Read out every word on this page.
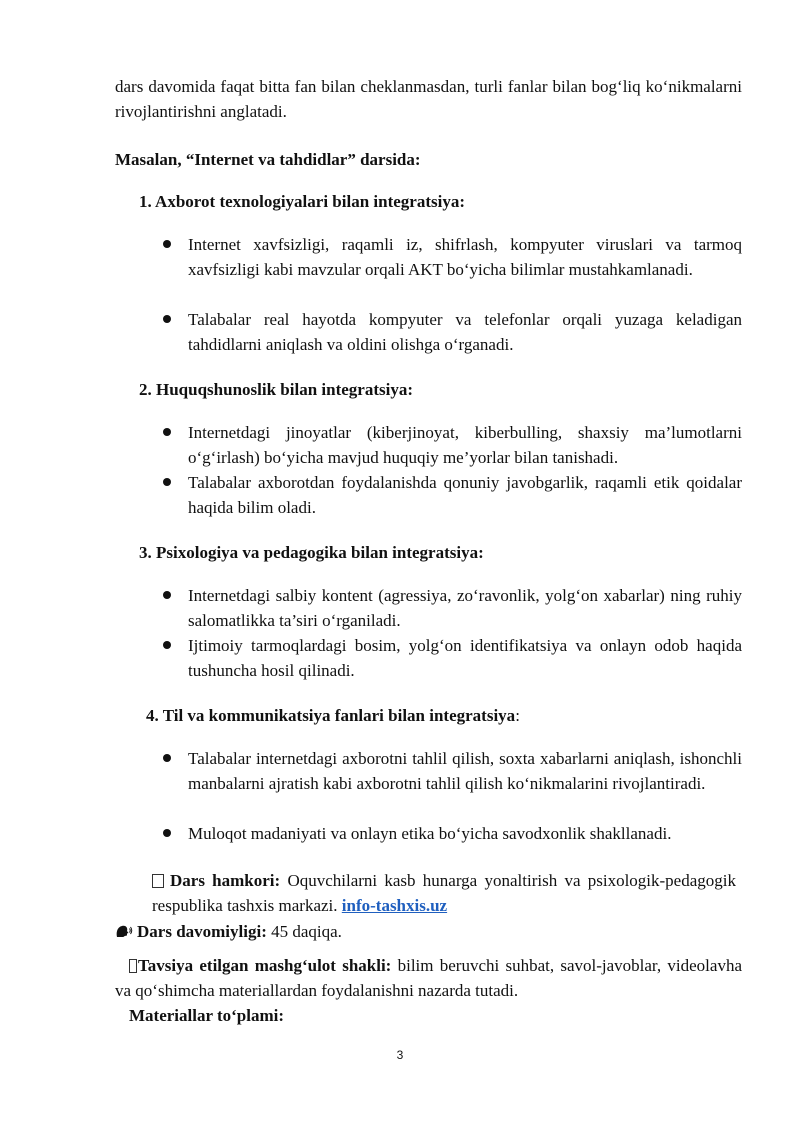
dars davomida faqat bitta fan bilan cheklanmasdan, turli fanlar bilan bog‘liq ko‘nikmalarni rivojlantirishni anglatadi.
Masalan, “Internet va tahdidlar” darsida:
1. Axborot texnologiyalari bilan integratsiya:
Internet xavfsizligi, raqamli iz, shifrlash, kompyuter viruslari va tarmoq xavfsizligi kabi mavzular orqali AKT bo‘yicha bilimlar mustahkamlanadi.
Talabalar real hayotda kompyuter va telefonlar orqali yuzaga keladigan tahdidlarni aniqlash va oldini olishga o‘rganadi.
2. Huquqshunoslik bilan integratsiya:
Internetdagi jinoyatlar (kiberjinoyat, kiberbulling, shaxsiy ma’lumotlarni o‘g‘irlash) bo‘yicha mavjud huquqiy me’yorlar bilan tanishadi.
Talabalar axborotdan foydalanishda qonuniy javobgarlik, raqamli etik qoidalar haqida bilim oladi.
3. Psixologiya va pedagogika bilan integratsiya:
Internetdagi salbiy kontent (agressiya, zo‘ravonlik, yolg‘on xabarlar) ning ruhiy salomatlikka ta’siri o‘rganiladi.
Ijtimoiy tarmoqlardagi bosim, yolg‘on identifikatsiya va onlayn odob haqida tushuncha hosil qilinadi.
4. Til va kommunikatsiya fanlari bilan integratsiya:
Talabalar internetdagi axborotni tahlil qilish, soxta xabarlarni aniqlash, ishonchli manbalarni ajratish kabi axborotni tahlil qilish ko‘nikmalarini rivojlantiradi.
Muloqot madaniyati va onlayn etika bo‘yicha savodxonlik shakllanadi.
Dars hamkori: Oquvchilarni kasb hunarga yonaltirish va psixologik-pedagogik respublika tashxis markazi. info-tashxis.uz
Dars davomiyligi: 45 daqiqa.
Tavsiya etilgan mashg‘ulot shakli: bilim beruvchi suhbat, savol-javoblar, videolavha va qo‘shimcha materiallardan foydalanishni nazarda tutadi.
Materiallar to‘plami:
3
